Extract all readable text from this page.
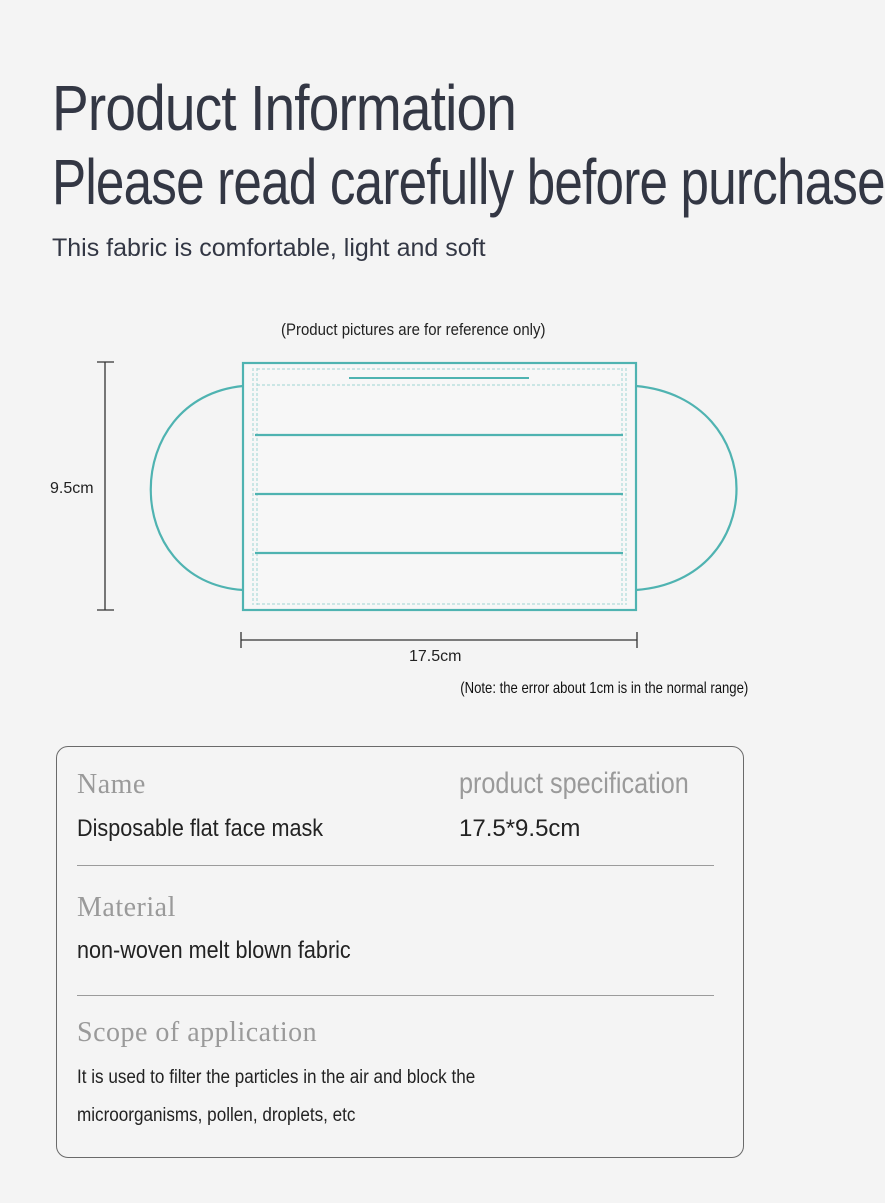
Product Information
Please read carefully before purchase
This fabric is comfortable, light and soft
(Product pictures are for reference only)
9.5cm
17.5cm
(Note: the error about 1cm is in the normal range)
Name	product specification
Disposable flat face mask	17.5*9.5cm
Material
non-woven melt blown fabric
Scope of application
It is used to filter the particles in the air and block the
microorganisms, pollen, droplets, etc
